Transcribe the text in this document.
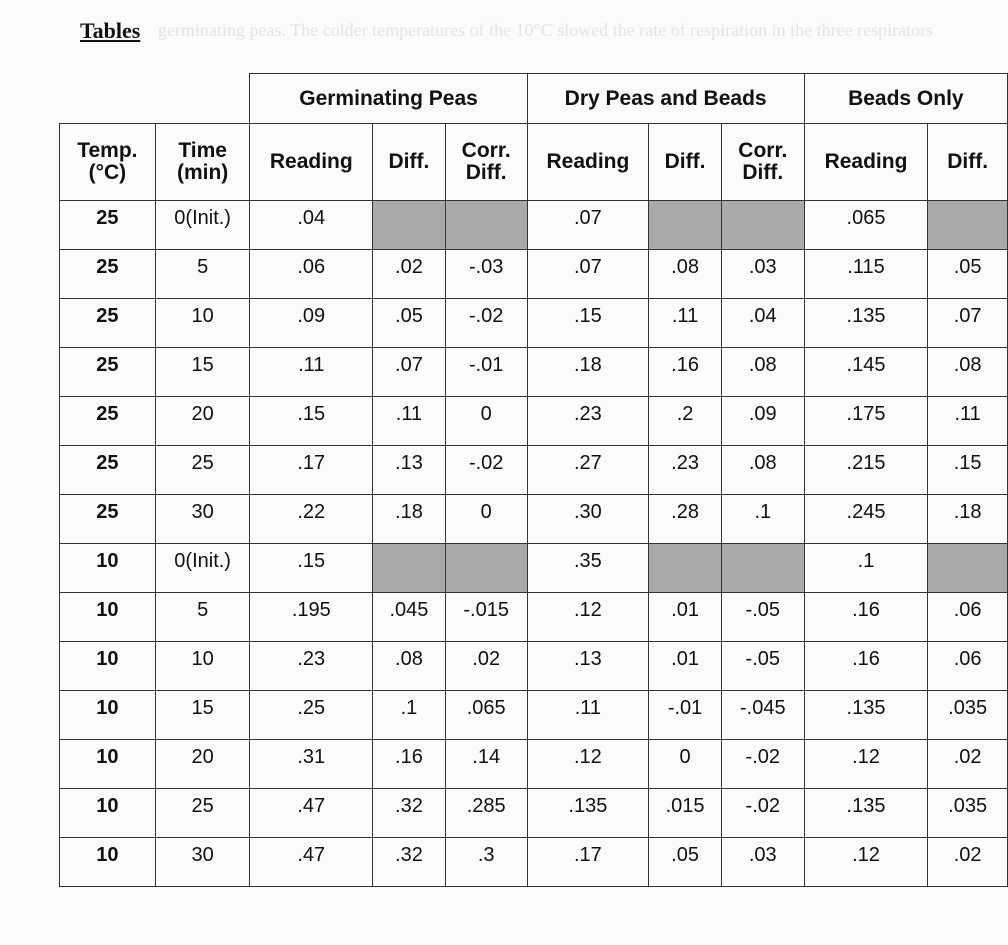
germinating peas. The colder temperatures of the 10°C slowed the rate of respiration in the three respirators
Tables
		Germinating Peas			Dry Peas and Beads			Beads Only	
Temp. (°C)	Time (min)	Reading	Diff.	Corr. Diff.	Reading	Diff.	Corr. Diff.	Reading	Diff.
25	0(Init.)	.04			.07			.065	
25	5	.06	.02	-.03	.07	.08	.03	.115	.05
25	10	.09	.05	-.02	.15	.11	.04	.135	.07
25	15	.11	.07	-.01	.18	.16	.08	.145	.08
25	20	.15	.11	0	.23	.2	.09	.175	.11
25	25	.17	.13	-.02	.27	.23	.08	.215	.15
25	30	.22	.18	0	.30	.28	.1	.245	.18
10	0(Init.)	.15			.35			.1	
10	5	.195	.045	-.015	.12	.01	-.05	.16	.06
10	10	.23	.08	.02	.13	.01	-.05	.16	.06
10	15	.25	.1	.065	.11	-.01	-.045	.135	.035
10	20	.31	.16	.14	.12	0	-.02	.12	.02
10	25	.47	.32	.285	.135	.015	-.02	.135	.035
10	30	.47	.32	.3	.17	.05	.03	.12	.02
